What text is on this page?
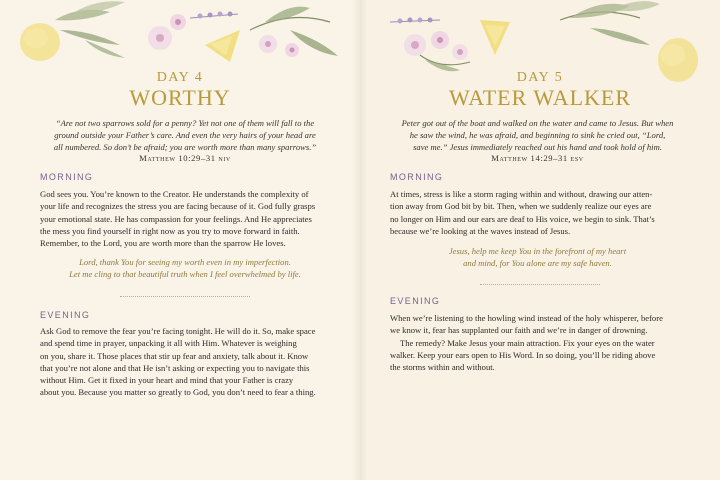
DAY 4
WORTHY
“Are not two sparrows sold for a penny? Yet not one of them will fall to the
ground outside your Father’s care. And even the very hairs of your head are
all numbered. So don’t be afraid; you are worth more than many sparrows.”
Matthew 10:29–31 niv
MORNING
God sees you. You’re known to the Creator. He understands the complexity of
your life and recognizes the stress you are facing because of it. God fully grasps
your emotional state. He has compassion for your feelings. And He appreciates
the mess you find yourself in right now as you try to move forward in faith.
Remember, to the Lord, you are worth more than the sparrow He loves.
Lord, thank You for seeing my worth even in my imperfection.
Let me cling to that beautiful truth when I feel overwhelmed by life.
EVENING
Ask God to remove the fear you’re facing tonight. He will do it. So, make space
and spend time in prayer, unpacking it all with Him. Whatever is weighing
on you, share it. Those places that stir up fear and anxiety, talk about it. Know
that you’re not alone and that He isn’t asking or expecting you to navigate this
without Him. Get it fixed in your heart and mind that your Father is crazy
about you. Because you matter so greatly to God, you don’t need to fear a thing.
DAY 5
WATER WALKER
Peter got out of the boat and walked on the water and came to Jesus. But when
he saw the wind, he was afraid, and beginning to sink he cried out, “Lord,
save me.” Jesus immediately reached out his hand and took hold of him.
Matthew 14:29–31 esv
MORNING
At times, stress is like a storm raging within and without, drawing our atten-
tion away from God bit by bit. Then, when we suddenly realize our eyes are
no longer on Him and our ears are deaf to His voice, we begin to sink. That’s
because we’re looking at the waves instead of Jesus.
Jesus, help me keep You in the forefront of my heart
and mind, for You alone are my safe haven.
EVENING
When we’re listening to the howling wind instead of the holy whisperer, before
we know it, fear has supplanted our faith and we’re in danger of drowning.
The remedy? Make Jesus your main attraction. Fix your eyes on the water
walker. Keep your ears open to His Word. In so doing, you’ll be riding above
the storms within and without.
